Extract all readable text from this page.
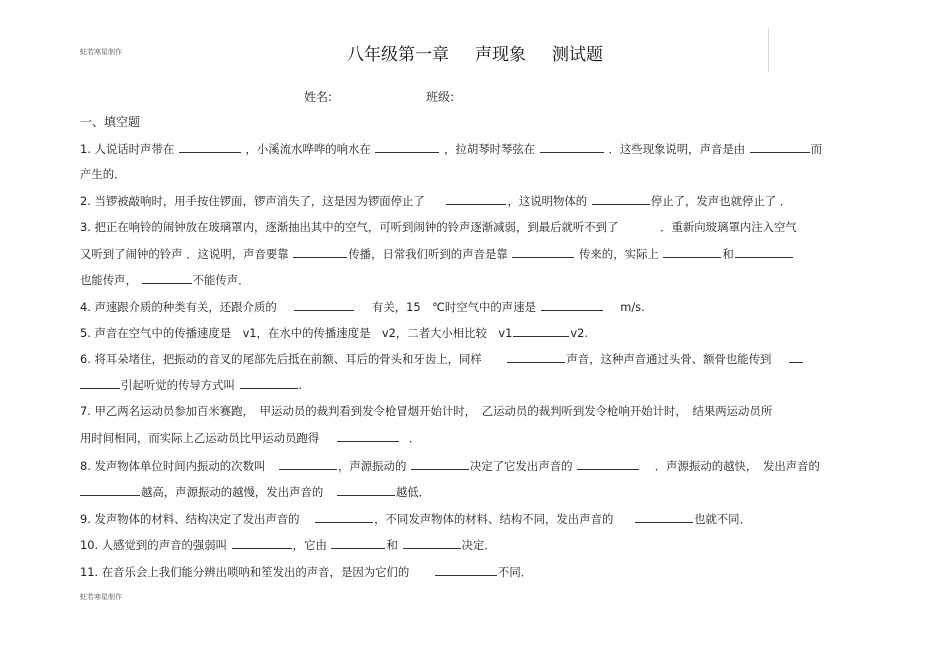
蛀若寒星制作	八年级第一章 声现象 测试题
姓名:	班级:
一、填空题
1. 人说话时声带在	，小溪流水哗哗的响水在	，拉胡琴时琴弦在	．这些现象说明，声音是由	而
产生的．
2. 当锣被敲响时，用手按住锣面，锣声消失了，这是因为锣面停止了	，这说明物体的	停止了，发声也就停止了 ．
3. 把正在响铃的闹钟放在玻璃罩内，逐渐抽出其中的空气，可听到闹钟的铃声逐渐减弱，到最后就听不到了	．重新向玻璃罩内注入空气
又听到了闹钟的铃声 ．这说明，声音要靠	传播，日常我们听到的声音是靠	传来的，实际上	和
也能传声，	不能传声．
4. 声速跟介质的种类有关，还跟介质的	有关，15　℃时空气中的声速是	m/s.
5. 声音在空气中的传播速度是　v1，在水中的传播速度是　v2，二者大小相比较　v1	v2.
6. 将耳朵堵住，把振动的音叉的尾部先后抵在前额、耳后的骨头和牙齿上，同样	声音，这种声音通过头骨、额骨也能传到
引起听觉的传导方式叫	.
7. 甲乙两名运动员参加百米赛跑，　甲运动员的裁判看到发令枪冒烟开始计时，　乙运动员的裁判听到发令枪响开始计时，　结果两运动员所
用时间相同，而实际上乙运动员比甲运动员跑得	．
8. 发声物体单位时间内振动的次数叫	，声源振动的	决定了它发出声音的	．声源振动的越快，　发出声音的
越高，声源振动的越慢，发出声音的	越低．
9. 发声物体的材料、结构决定了发出声音的	，不同发声物体的材料、结构不同，发出声音的	也就不同．
10. 人感觉到的声音的强弱叫	，它由	和	决定．
11. 在音乐会上我们能分辨出唢呐和笙发出的声音，是因为它们的	不同．
蛀若寒星制作
